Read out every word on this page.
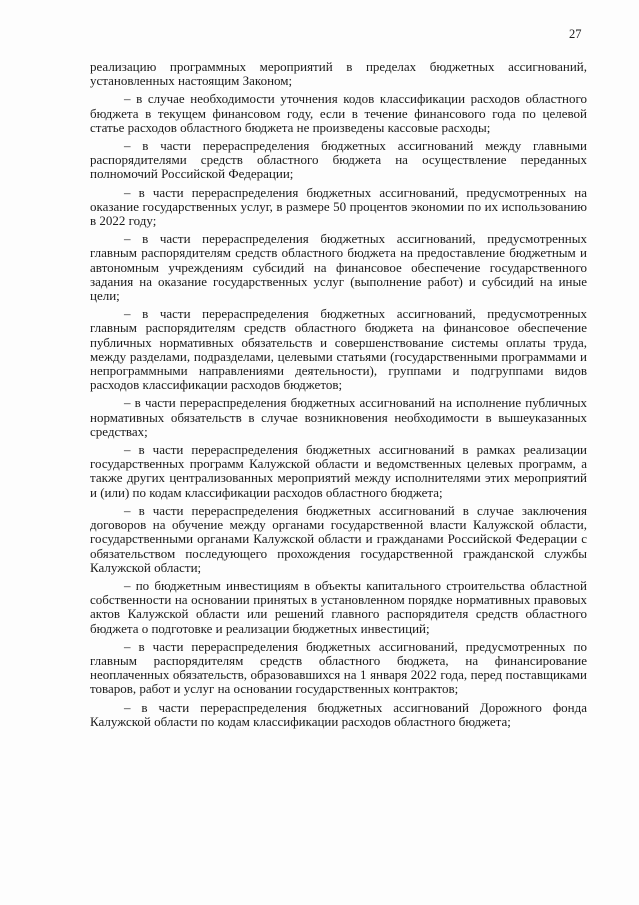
27

реализацию программных мероприятий в пределах бюджетных ассигнований, установленных настоящим Законом;

– в случае необходимости уточнения кодов классификации расходов областного бюджета в текущем финансовом году, если в течение финансового года по целевой статье расходов областного бюджета не произведены кассовые расходы;

– в части перераспределения бюджетных ассигнований между главными распорядителями средств областного бюджета на осуществление переданных полномочий Российской Федерации;

– в части перераспределения бюджетных ассигнований, предусмотренных на оказание государственных услуг, в размере 50 процентов экономии по их использованию в 2022 году;

– в части перераспределения бюджетных ассигнований, предусмотренных главным распорядителям средств областного бюджета на предоставление бюджетным и автономным учреждениям субсидий на финансовое обеспечение государственного задания на оказание государственных услуг (выполнение работ) и субсидий на иные цели;

– в части перераспределения бюджетных ассигнований, предусмотренных главным распорядителям средств областного бюджета на финансовое обеспечение публичных нормативных обязательств и совершенствование системы оплаты труда, между разделами, подразделами, целевыми статьями (государственными программами и непрограммными направлениями деятельности), группами и подгруппами видов расходов классификации расходов бюджетов;

– в части перераспределения бюджетных ассигнований на исполнение публичных нормативных обязательств в случае возникновения необходимости в вышеуказанных средствах;

– в части перераспределения бюджетных ассигнований в рамках реализации государственных программ Калужской области и ведомственных целевых программ, а также других централизованных мероприятий между исполнителями этих мероприятий и (или) по кодам классификации расходов областного бюджета;

– в части перераспределения бюджетных ассигнований в случае заключения договоров на обучение между органами государственной власти Калужской области, государственными органами Калужской области и гражданами Российской Федерации с обязательством последующего прохождения государственной гражданской службы Калужской области;

– по бюджетным инвестициям в объекты капитального строительства областной собственности на основании принятых в установленном порядке нормативных правовых актов Калужской области или решений главного распорядителя средств областного бюджета о подготовке и реализации бюджетных инвестиций;

– в части перераспределения бюджетных ассигнований, предусмотренных по главным распорядителям средств областного бюджета, на финансирование неоплаченных обязательств, образовавшихся на 1 января 2022 года, перед поставщиками товаров, работ и услуг на основании государственных контрактов;

– в части перераспределения бюджетных ассигнований Дорожного фонда Калужской области по кодам классификации расходов областного бюджета;
